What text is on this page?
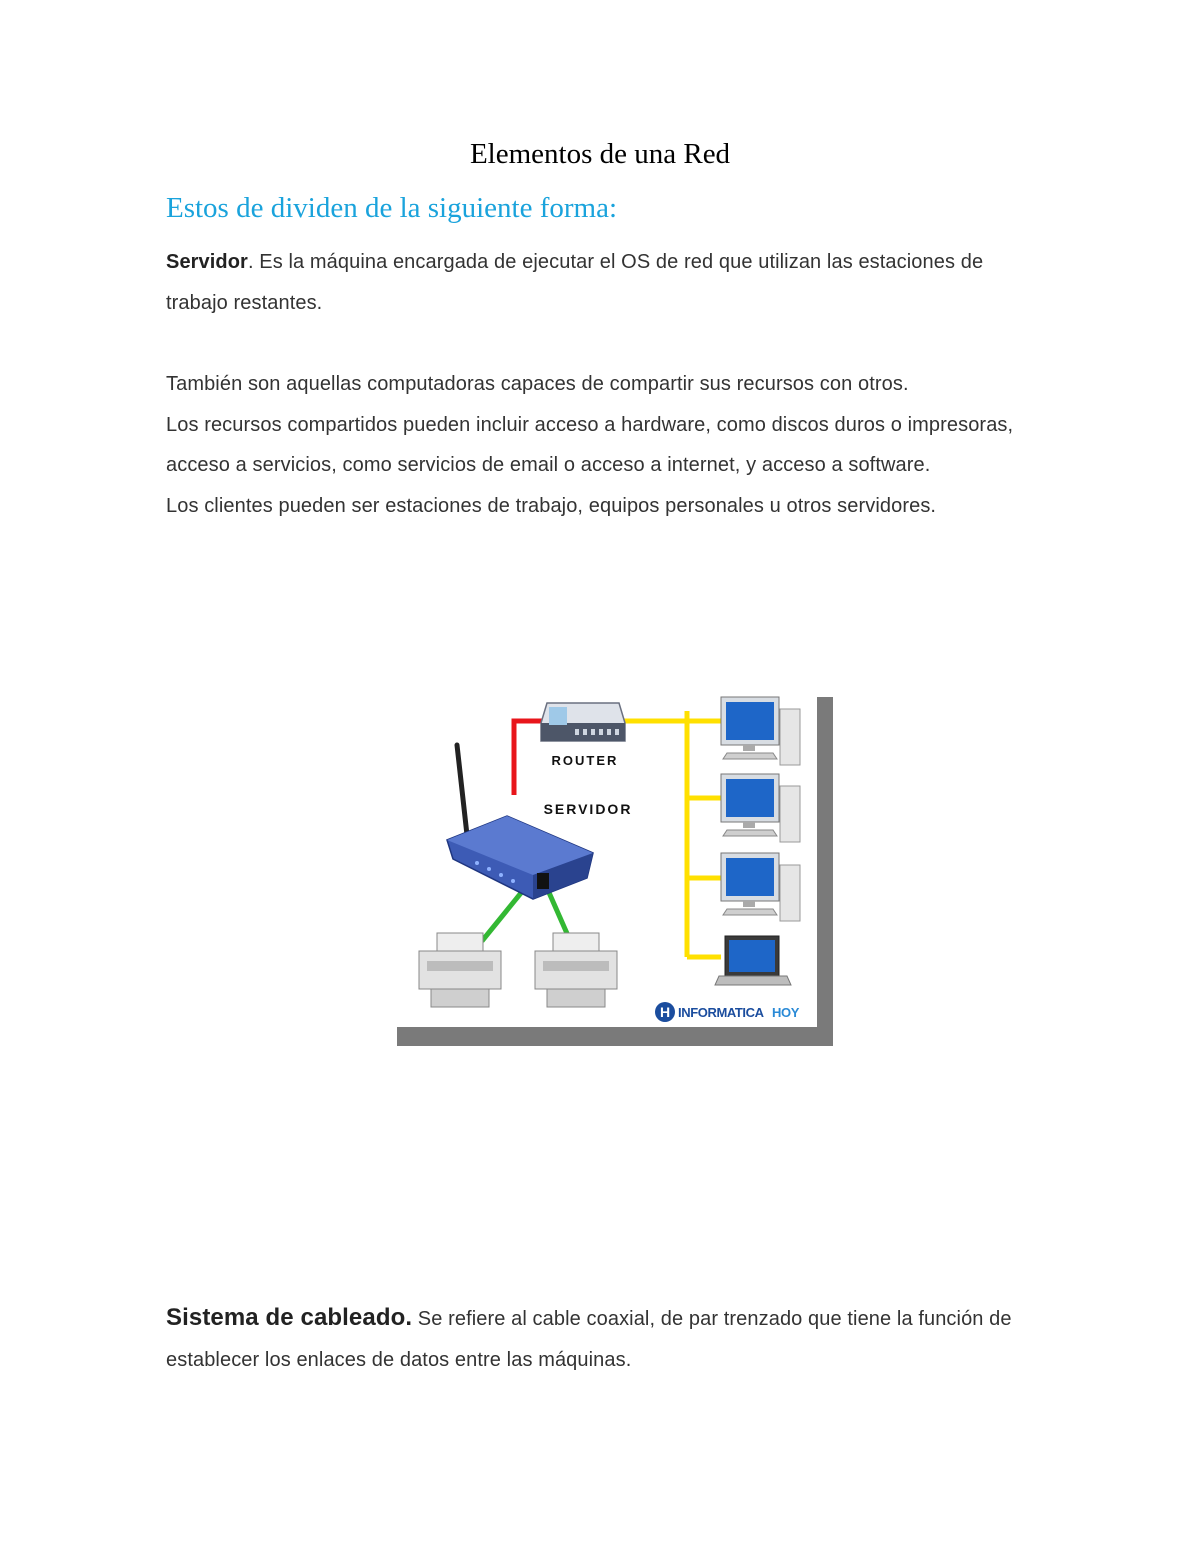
Elementos de una Red
Estos de dividen de la siguiente forma:
Servidor. Es la máquina encargada de ejecutar el OS de red que utilizan las estaciones de trabajo restantes.
También son aquellas computadoras capaces de compartir sus recursos con otros.
Los recursos compartidos pueden incluir acceso a hardware, como discos duros o impresoras, acceso a servicios, como servicios de email o acceso a internet, y acceso a software.
Los clientes pueden ser estaciones de trabajo, equipos personales u otros servidores.
ROUTER
SERVIDOR
H INFORMATICA HOY
Sistema de cableado. Se refiere al cable coaxial, de par trenzado que tiene la función de establecer los enlaces de datos entre las máquinas.
